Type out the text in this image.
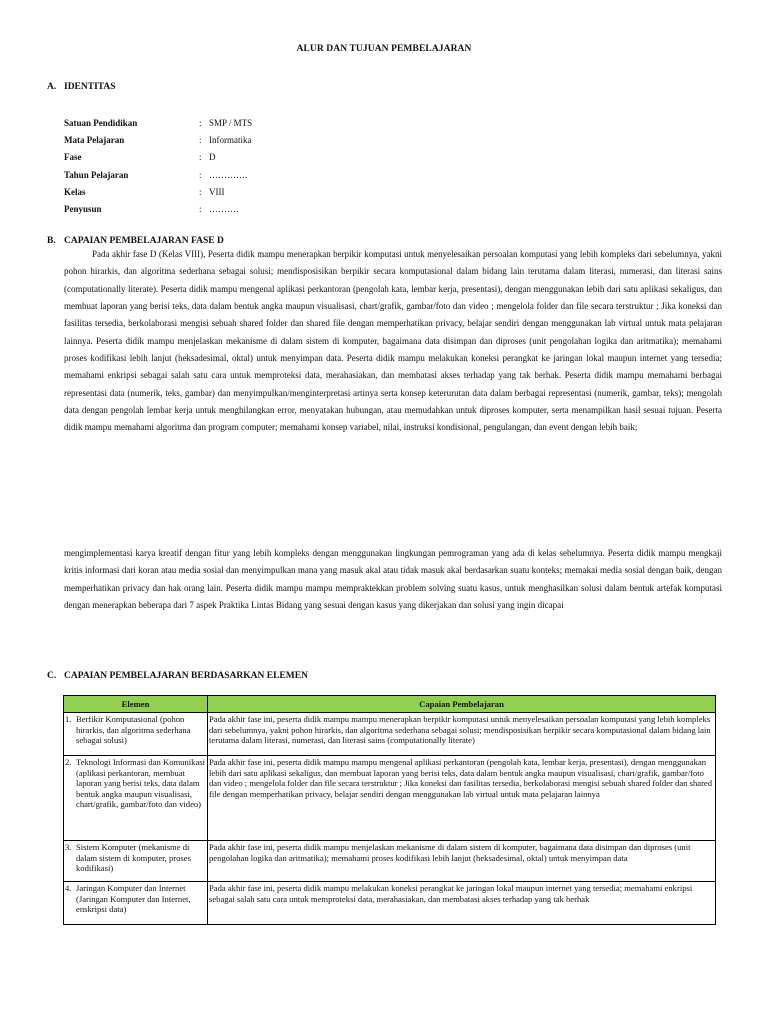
ALUR DAN TUJUAN PEMBELAJARAN
A. IDENTITAS
Satuan Pendidikan	: SMP / MTS
Mata Pelajaran	: Informatika
Fase	: D
Tahun Pelajaran	: ………….
Kelas	: VIII
Penyusun	: ……….
B. CAPAIAN PEMBELAJARAN FASE D
Pada akhir fase D (Kelas VIII), Peserta didik mampu menerapkan berpikir komputasi untuk menyelesaikan persoalan komputasi yang lebih kompleks dari sebelumnya, yakni pohon hirarkis, dan algoritma sederhana sebagai solusi; mendisposisikan berpikir secara komputasional dalam bidang lain terutama dalam literasi, numerasi, dan literasi sains (computationally literate). Peserta didik mampu mengenal aplikasi perkantoran (pengolah kata, lembar kerja, presentasi), dengan menggunakan lebih dari satu aplikasi sekaligus, dan membuat laporan yang berisi teks, data dalam bentuk angka maupun visualisasi, chart/grafik, gambar/foto dan video ; mengelola folder dan file secara terstruktur ; Jika koneksi dan fasilitas tersedia, berkolaborasi mengisi sebuah shared folder dan shared file dengan memperhatikan privacy, belajar sendiri dengan menggunakan lab virtual untuk mata pelajaran lainnya. Peserta didik mampu menjelaskan mekanisme di dalam sistem di komputer, bagaimana data disimpan dan diproses (unit pengolahan logika dan aritmatika); memahami proses kodifikasi lebih lanjut (heksadesimal, oktal) untuk menyimpan data. Peserta didik mampu melakukan koneksi perangkat ke jaringan lokal maupun internet yang tersedia; memahami enkripsi sebagai salah satu cara untuk memproteksi data, merahasiakan, dan membatasi akses terhadap yang tak berhak. Peserta didik mampu memahami berbagai representasi data (numerik, teks, gambar) dan menyimpulkan/menginterpretasi artinya serta konsep keterurutan data dalam berbagai representasi (numerik, gambar, teks); mengolah data dengan pengolah lembar kerja untuk menghilangkan error, menyatakan hubungan, atau memudahkan untuk diproses komputer, serta menampilkan hasil sesuai tujuan. Peserta didik mampu memahami algoritma dan program computer; memahami konsep variabel, nilai, instruksi kondisional, pengulangan, dan event dengan lebih baik;
mengimplementasi karya kreatif dengan fitur yang lebih kompleks dengan menggunakan lingkungan pemrograman yang ada di kelas sebelumnya. Peserta didik mampu mengkaji kritis informasi dari koran atau media sosial dan menyimpulkan mana yang masuk akal atau tidak masuk akal berdasarkan suatu konteks; memakai media sosial dengan baik, dengan memperhatikan privacy dan hak orang lain. Peserta didik mampu mampu mempraktekkan problem solving suatu kasus, untuk menghasilkan solusi dalam bentuk artefak komputasi dengan menerapkan beberapa dari 7 aspek Praktika Lintas Bidang yang sesuai dengan kasus yang dikerjakan dan solusi yang ingin dicapai
C. CAPAIAN PEMBELAJARAN BERDASARKAN ELEMEN
Elemen	Capaian Pembelajaran

1. Berfikir Komputasional (pohon hirarkis, dan algoritma sederhana sebagai solusi)	Pada akhir fase ini, peserta didik mampu mampu menerapkan berpikir komputasi untuk menyelesaikan persoalan komputasi yang lebih kompleks dari sebelumnya, yakni pohon hirarkis, dan algoritma sederhana sebagai solusi; mendisposisikan berpikir secara komputasional dalam bidang lain terutama dalam literasi, numerasi, dan literasi sains (computationally literate)

2. Teknologi Informasi dan Komunikasi (aplikasi perkantoran, membuat laporan yang berisi teks, data dalam bentuk angka maupun visualisasi, chart/grafik, gambar/foto dan video)	Pada akhir fase ini, peserta didik mampu mampu mengenal aplikasi perkantoran (pengolah kata, lembar kerja, presentasi), dengan menggunakan lebih dari satu aplikasi sekaligus, dan membuat laporan yang berisi teks, data dalam bentuk angka maupun visualisasi, chart/grafik, gambar/foto dan video ; mengelola folder dan file secara terstruktur ; Jika koneksi dan fasilitas tersedia, berkolaborasi mengisi sebuah shared folder dan shared file dengan memperhatikan privacy, belajar sendiri dengan menggunakan lab virtual untuk mata pelajaran lainnya

3. Sistem Komputer (mekanisme di dalam sistem di komputer, proses kodifikasi)	Pada akhir fase ini, peserta didik mampu menjelaskan mekanisme di dalam sistem di komputer, bagaimana data disimpan dan diproses (unit pengolahan logika dan aritmatika); memahami proses kodifikasi lebih lanjut (heksadesimal, oktal) untuk menyimpan data

4. Jaringan Komputer dan Internet (Jaringan Komputer dan Internet, enskripsi data)	Pada akhir fase ini, peserta didik mampu melakukan koneksi perangkat ke jaringan lokal maupun internet yang tersedia; memahami enkripsi sebagai salah satu cara untuk memproteksi data, merahasiakan, dan membatasi akses terhadap yang tak berhak
